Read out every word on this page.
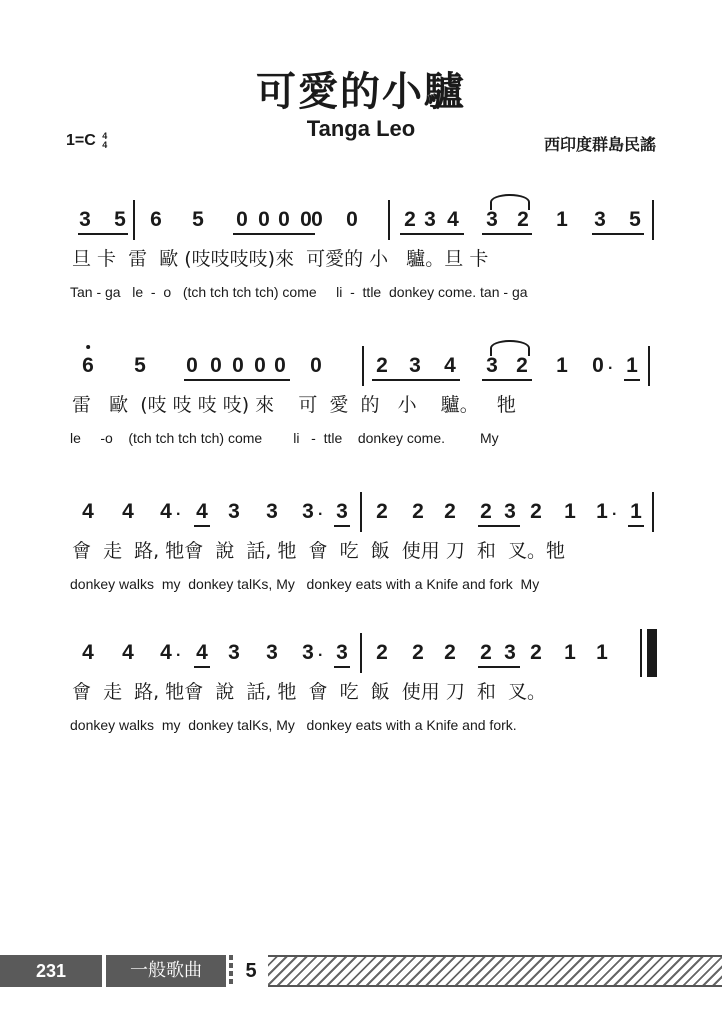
可愛的小驢
Tanga Leo
1=C 4
4	西印度群島民謠
3 5 6 5 0 0 0 0 0
0	2 3 4 3 2 1 3 5
旦 卡  雷  歐 (吱吱吱吱)來  可愛的 小   驢。旦 卡
Tan - ga   le  -  o   (tch tch tch tch) come     li  -  ttle  donkey come. tan - ga
6 5 0 0 0 0 0 0	2 3 4 3 2 1 0 · 1
雷   歐  (吱 吱 吱 吱) 來    可  愛  的   小    驢。   牠
le     -o    (tch tch tch tch) come        li   -  ttle    donkey come.         My
4 4 4 · 4 3 3 3 · 3 2 2 2 2 3 2 1 1 · 1
會  走  路, 牠會  說  話, 牠  會  吃  飯  使用 刀  和  叉。牠
donkey walks  my  donkey talKs, My   donkey eats with a Knife and fork  My
4 4 4 · 4 3 3 3 · 3 2 2 2 2 3 2 1 1
會  走  路, 牠會  說  話, 牠  會  吃  飯  使用 刀  和  叉。
donkey walks  my  donkey talKs, My   donkey eats with a Knife and fork.
231	一般歌曲	5
